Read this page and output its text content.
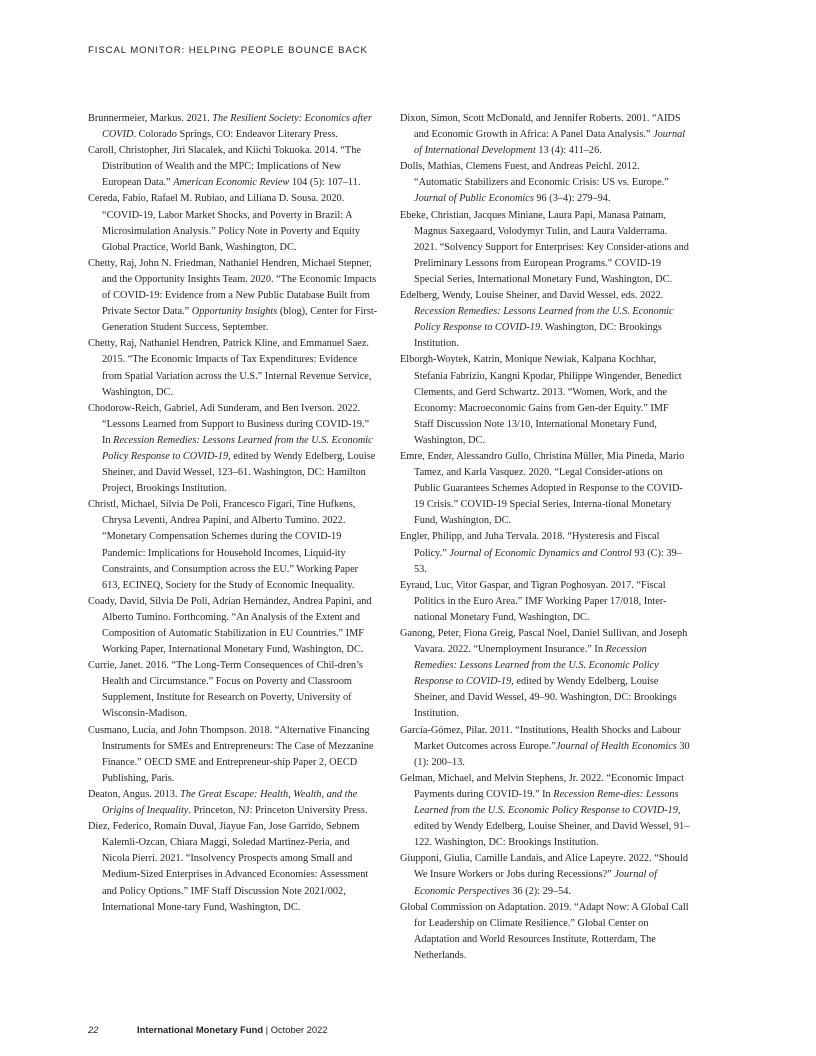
FISCAL MONITOR: HELPING PEOPLE BOUNCE BACK

Brunnermeier, Markus. 2021. The Resilient Society: Economics after COVID. Colorado Springs, CO: Endeavor Literary Press.

Caroll, Christopher, Jiri Slacalek, and Kiichi Tokuoka. 2014. “The Distribution of Wealth and the MPC: Implications of New European Data.” American Economic Review 104 (5): 107–11.

Cereda, Fabio, Rafael M. Rubiao, and Liliana D. Sousa. 2020. “COVID-19, Labor Market Shocks, and Poverty in Brazil: A Microsimulation Analysis.” Policy Note in Poverty and Equity Global Practice, World Bank, Washington, DC.

Chetty, Raj, John N. Friedman, Nathaniel Hendren, Michael Stepner, and the Opportunity Insights Team. 2020. “The Economic Impacts of COVID-19: Evidence from a New Public Database Built from Private Sector Data.” Opportunity Insights (blog), Center for First-Generation Student Success, September.

Chetty, Raj, Nathaniel Hendren, Patrick Kline, and Emmanuel Saez. 2015. “The Economic Impacts of Tax Expenditures: Evidence from Spatial Variation across the U.S.” Internal Revenue Service, Washington, DC.

Chodorow-Reich, Gabriel, Adi Sunderam, and Ben Iverson. 2022. “Lessons Learned from Support to Business during COVID-19.” In Recession Remedies: Lessons Learned from the U.S. Economic Policy Response to COVID-19, edited by Wendy Edelberg, Louise Sheiner, and David Wessel, 123–61. Washington, DC: Hamilton Project, Brookings Institution.

Christl, Michael, Silvia De Poli, Francesco Figari, Tine Hufkens, Chrysa Leventi, Andrea Papini, and Alberto Tumino. 2022. “Monetary Compensation Schemes during the COVID-19 Pandemic: Implications for Household Incomes, Liquid-ity Constraints, and Consumption across the EU.” Working Paper 613, ECINEQ, Society for the Study of Economic Inequality.

Coady, David, Silvia De Poli, Adrian Hernández, Andrea Papini, and Alberto Tumino. Forthcoming. “An Analysis of the Extent and Composition of Automatic Stabilization in EU Countries.” IMF Working Paper, International Monetary Fund, Washington, DC.

Currie, Janet. 2016. “The Long-Term Consequences of Chil-dren’s Health and Circumstance.” Focus on Poverty and Classroom Supplement, Institute for Research on Poverty, University of Wisconsin-Madison.

Cusmano, Lucia, and John Thompson. 2018. “Alternative Financing Instruments for SMEs and Entrepreneurs: The Case of Mezzanine Finance.” OECD SME and Entrepreneur-ship Paper 2, OECD Publishing, Paris.

Deaton, Angus. 2013. The Great Escape: Health, Wealth, and the Origins of Inequality. Princeton, NJ: Princeton University Press.

Diez, Federico, Romain Duval, Jiayue Fan, Jose Garrido, Sebnem Kalemli-Ozcan, Chiara Maggi, Soledad Martinez-Peria, and Nicola Pierri. 2021. “Insolvency Prospects among Small and Medium-Sized Enterprises in Advanced Economies: Assessment and Policy Options.” IMF Staff Discussion Note 2021/002, International Mone-tary Fund, Washington, DC.

Dixon, Simon, Scott McDonald, and Jennifer Roberts. 2001. “AIDS and Economic Growth in Africa: A Panel Data Analysis.” Journal of International Development 13 (4): 411–26.

Dolls, Mathias, Clemens Fuest, and Andreas Peichl. 2012. “Automatic Stabilizers and Economic Crisis: US vs. Europe.” Journal of Public Economics 96 (3–4): 279–94.

Ebeke, Christian, Jacques Miniane, Laura Papi, Manasa Patnam, Magnus Saxegaard, Volodymyr Tulin, and Laura Valderrama. 2021. “Solvency Support for Enterprises: Key Consider-ations and Preliminary Lessons from European Programs.” COVID-19 Special Series, International Monetary Fund, Washington, DC.

Edelberg, Wendy, Louise Sheiner, and David Wessel, eds. 2022. Recession Remedies: Lessons Learned from the U.S. Economic Policy Response to COVID-19. Washington, DC: Brookings Institution.

Elborgh-Woytek, Katrin, Monique Newiak, Kalpana Kochhar, Stefania Fabrizio, Kangni Kpodar, Philippe Wingender, Benedict Clements, and Gerd Schwartz. 2013. “Women, Work, and the Economy: Macroeconomic Gains from Gen-der Equity.” IMF Staff Discussion Note 13/10, International Monetary Fund, Washington, DC.

Emre, Ender, Alessandro Gullo, Christina Müller, Mia Pineda, Mario Tamez, and Karla Vasquez. 2020. “Legal Consider-ations on Public Guarantees Schemes Adopted in Response to the COVID-19 Crisis.” COVID-19 Special Series, Interna-tional Monetary Fund, Washington, DC.

Engler, Philipp, and Juha Tervala. 2018. “Hysteresis and Fiscal Policy.” Journal of Economic Dynamics and Control 93 (C): 39–53.

Eyraud, Luc, Vitor Gaspar, and Tigran Poghosyan. 2017. “Fiscal Politics in the Euro Area.” IMF Working Paper 17/018, Inter-national Monetary Fund, Washington, DC.

Ganong, Peter, Fiona Greig, Pascal Noel, Daniel Sullivan, and Joseph Vavara. 2022. “Unemployment Insurance.” In Recession Remedies: Lessons Learned from the U.S. Economic Policy Response to COVID-19, edited by Wendy Edelberg, Louise Sheiner, and David Wessel, 49–90. Washington, DC: Brookings Institution.

García-Gómez, Pilar. 2011. “Institutions, Health Shocks and Labour Market Outcomes across Europe.”Journal of Health Economics 30 (1): 200–13.

Gelman, Michael, and Melvin Stephens, Jr. 2022. “Economic Impact Payments during COVID-19.” In Recession Reme-dies: Lessons Learned from the U.S. Economic Policy Response to COVID-19, edited by Wendy Edelberg, Louise Sheiner, and David Wessel, 91–122. Washington, DC: Brookings Institution.

Giupponi, Giulia, Camille Landais, and Alice Lapeyre. 2022. “Should We Insure Workers or Jobs during Recessions?” Journal of Economic Perspectives 36 (2): 29–54.

Global Commission on Adaptation. 2019. “Adapt Now: A Global Call for Leadership on Climate Resilience.” Global Center on Adaptation and World Resources Institute, Rotterdam, The Netherlands.

22	International Monetary Fund | October 2022
